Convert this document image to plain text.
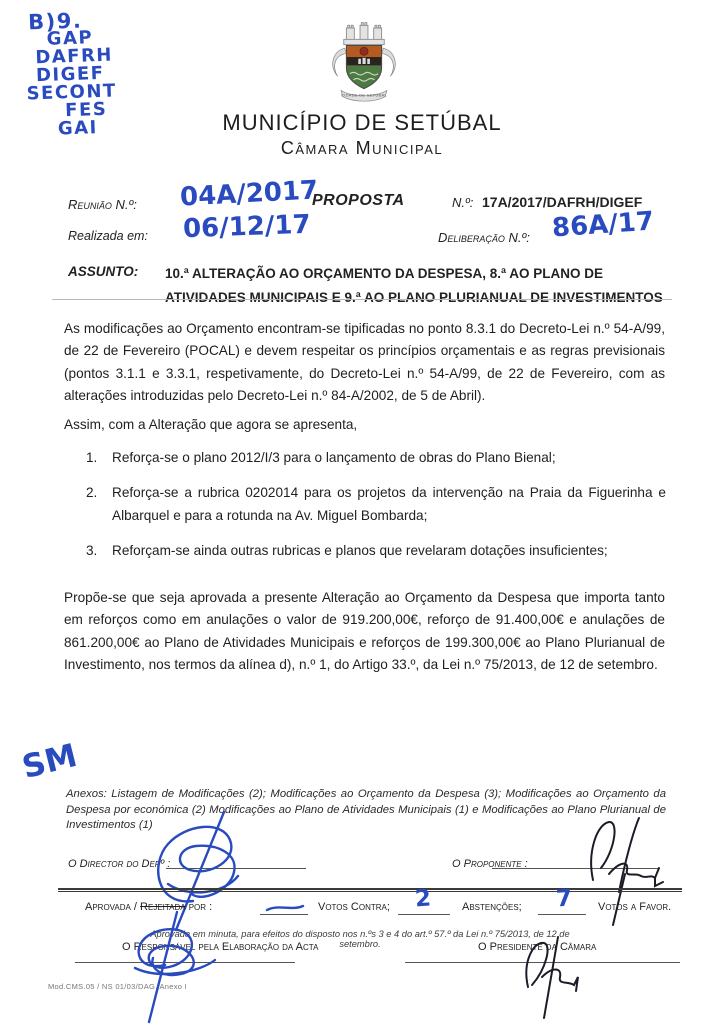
B)9.
GAP
DAFRH
DIGEF
SECONT
FES
GAI
CIDADE DE SETÚBAL
MUNICÍPIO DE SETÚBAL
Câmara Municipal
Reunião N.º: 04A/2017
PROPOSTA	N.º: 17A/2017/DAFRH/DIGEF
Realizada em: 06/12/17	Deliberação N.º: 86A/17
ASSUNTO:	10.ª ALTERAÇÃO AO ORÇAMENTO DA DESPESA, 8.ª AO PLANO DE ATIVIDADES MUNICIPAIS E 9.ª AO PLANO PLURIANUAL DE INVESTIMENTOS
As modificações ao Orçamento encontram-se tipificadas no ponto 8.3.1 do Decreto-Lei n.º 54-A/99, de 22 de Fevereiro (POCAL) e devem respeitar os princípios orçamentais e as regras previsionais (pontos 3.1.1 e 3.3.1, respetivamente, do Decreto-Lei n.º 54-A/99, de 22 de Fevereiro, com as alterações introduzidas pelo Decreto-Lei n.º 84-A/2002, de 5 de Abril).
Assim, com a Alteração que agora se apresenta,
1.	Reforça-se o plano 2012/I/3 para o lançamento de obras do Plano Bienal;
2.	Reforça-se a rubrica 0202014 para os projetos da intervenção na Praia da Figuerinha e Albarquel e para a rotunda na Av. Miguel Bombarda;
3.	Reforçam-se ainda outras rubricas e planos que revelaram dotações insuficientes;
Propõe-se que seja aprovada a presente Alteração ao Orçamento da Despesa que importa tanto em reforços como em anulações o valor de 919.200,00€, reforço de 91.400,00€ e anulações de 861.200,00€ ao Plano de Atividades Municipais e reforços de 199.300,00€ ao Plano Plurianual de Investimento, nos termos da alínea d), n.º 1, do Artigo 33.º, da Lei n.º 75/2013, de 12 de setembro.
SM
Anexos: Listagem de Modificações (2); Modificações ao Orçamento da Despesa (3); Modificações ao Orçamento da Despesa por económica (2) Modificações ao Plano de Atividades Municipais (1) e Modificações ao Plano Plurianual de Investimentos (1)
O Director do Depº :	O Proponente :
Aprovada / Rejeitada por :	Votos Contra; 2	Abstenções; 7 Votos a Favor.
Aprovada em minuta, para efeitos do disposto nos n.ºs 3 e 4 do art.º 57.º da Lei n.º 75/2013, de 12 de setembro.
O Responsável pela Elaboração da Acta	O Presidente da Câmara
Mod.CMS.05 / NS 01/03/DAG. Anexo I
